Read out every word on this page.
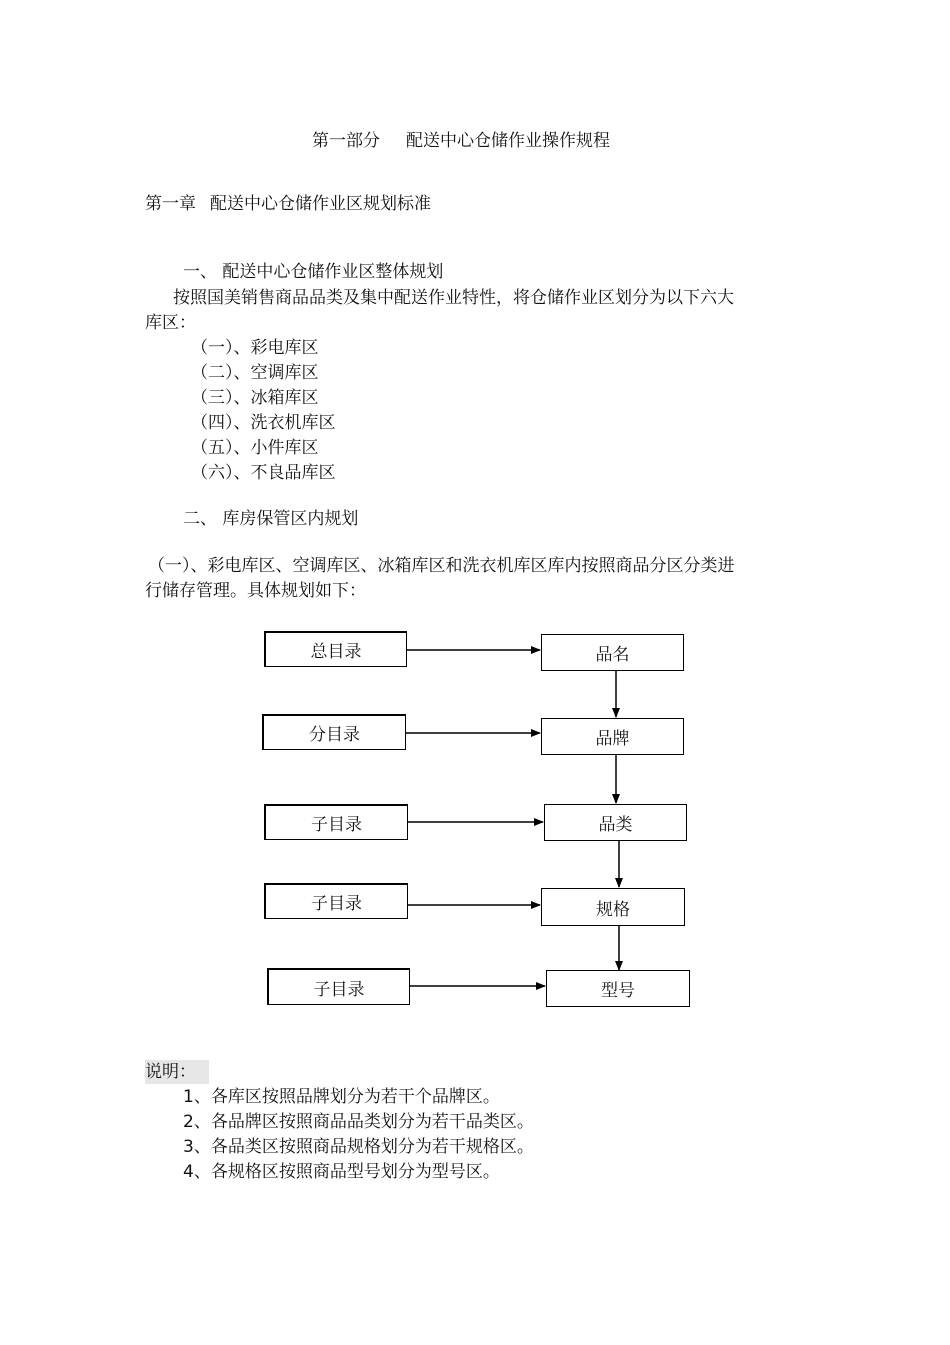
第一部分 配送中心仓储作业操作规程
第一章 配送中心仓储作业区规划标准
一、 配送中心仓储作业区整体规划
按照国美销售商品品类及集中配送作业特性，将仓储作业区划分为以下六大
库区：
（一）、彩电库区
（二）、空调库区
（三）、冰箱库区
（四）、洗衣机库区
（五）、小件库区
（六）、不良品库区
二、 库房保管区内规划
（一）、彩电库区、空调库区、冰箱库区和洗衣机库区库内按照商品分区分类进
行储存管理。具体规划如下：
总目录
分目录
子目录
子目录
子目录
品名
品牌
品类
规格
型号
说明：
1、各库区按照品牌划分为若干个品牌区。
2、各品牌区按照商品品类划分为若干品类区。
3、各品类区按照商品规格划分为若干规格区。
4、各规格区按照商品型号划分为型号区。
